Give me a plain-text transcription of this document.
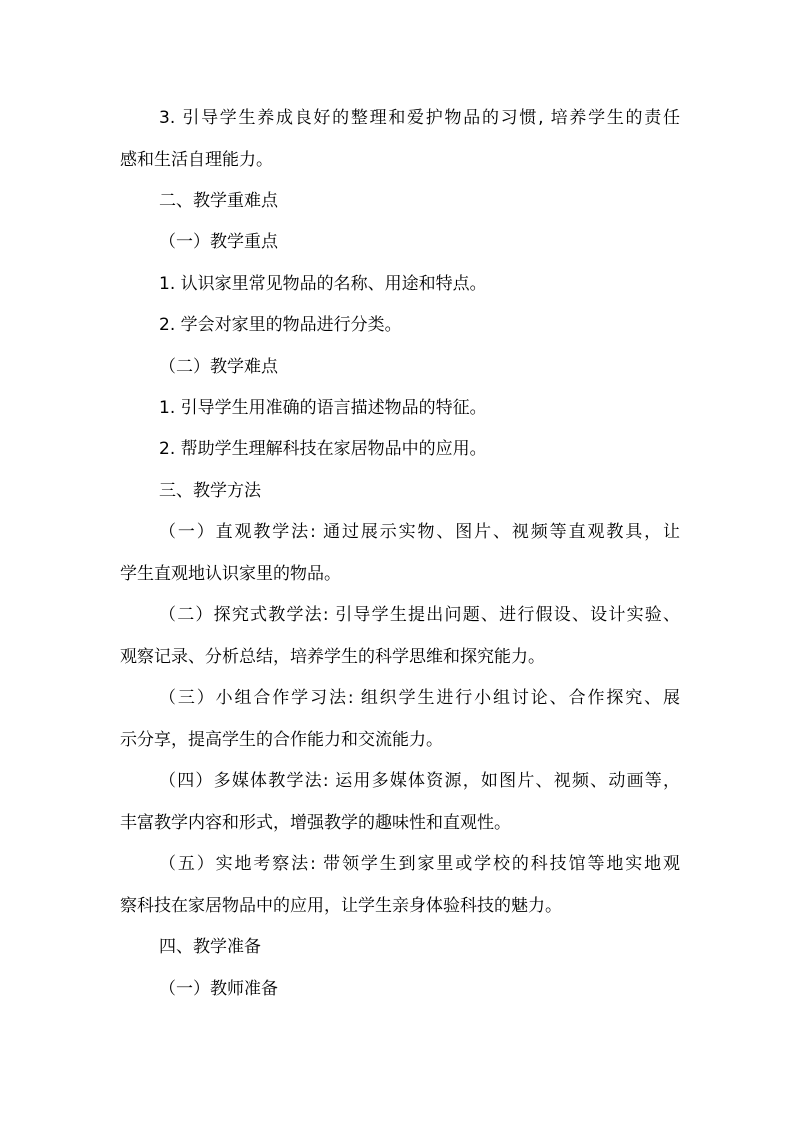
3. 引导学生养成良好的整理和爱护物品的习惯, 培养学生的责任

感和生活自理能力。

二、教学重难点

（一）教学重点

1. 认识家里常见物品的名称、用途和特点。

2. 学会对家里的物品进行分类。

（二）教学难点

1. 引导学生用准确的语言描述物品的特征。

2. 帮助学生理解科技在家居物品中的应用。

三、教学方法

（一）直观教学法: 通过展示实物、图片、视频等直观教具，让

学生直观地认识家里的物品。

（二）探究式教学法: 引导学生提出问题、进行假设、设计实验、

观察记录、分析总结，培养学生的科学思维和探究能力。

（三）小组合作学习法: 组织学生进行小组讨论、合作探究、展

示分享，提高学生的合作能力和交流能力。

（四）多媒体教学法: 运用多媒体资源，如图片、视频、动画等，

丰富教学内容和形式，增强教学的趣味性和直观性。

（五）实地考察法: 带领学生到家里或学校的科技馆等地实地观

察科技在家居物品中的应用，让学生亲身体验科技的魅力。

四、教学准备

（一）教师准备
